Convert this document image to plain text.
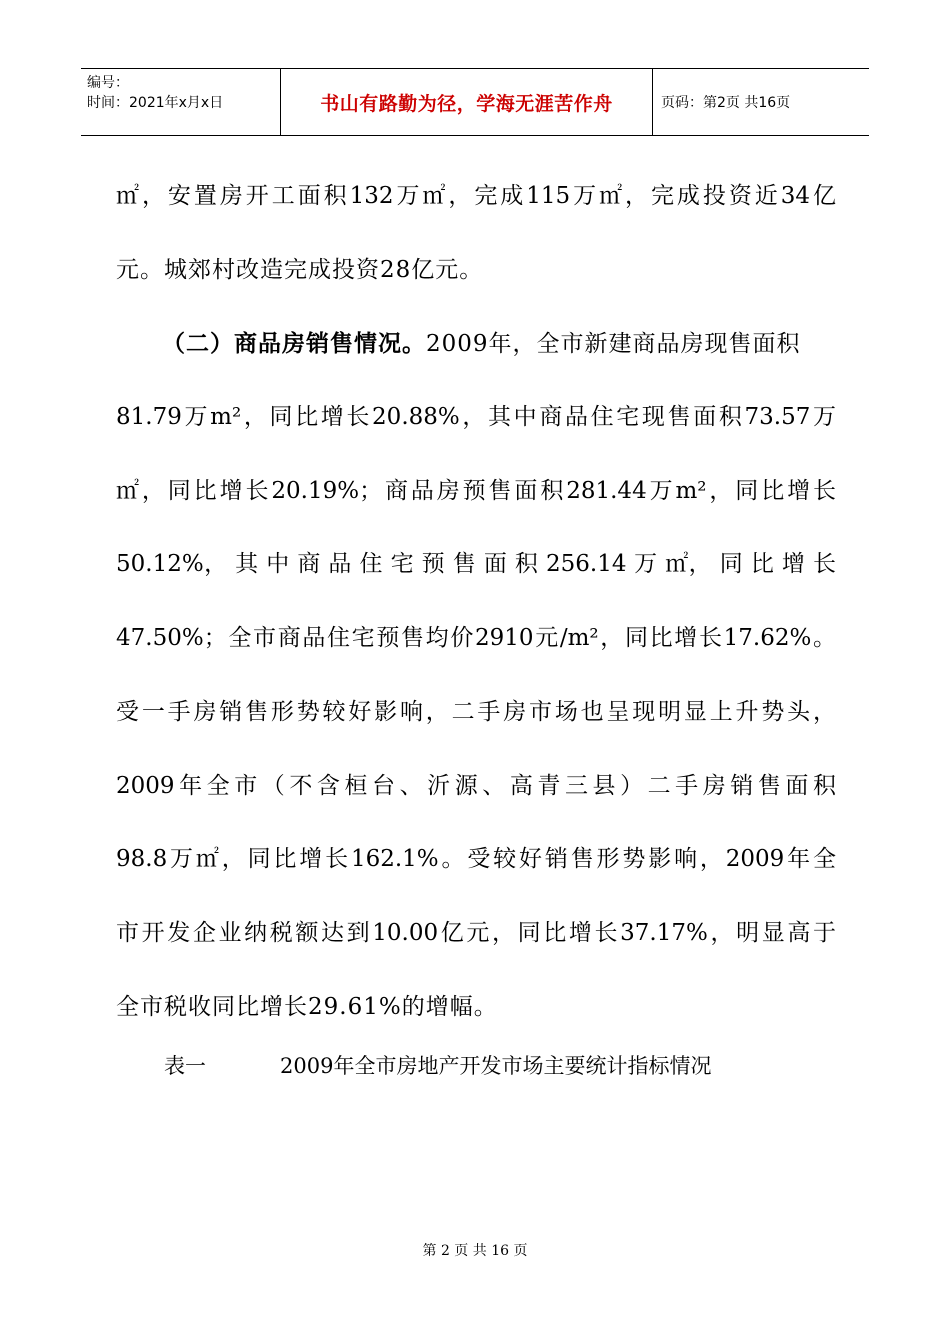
编号：
时间：2021年x月x日	书山有路勤为径，学海无涯苦作舟	页码：第2页 共16页
㎡，安置房开工面积132万㎡，完成115万㎡，完成投资近34亿
元。城郊村改造完成投资28亿元。
（二）商品房销售情况。2009年，全市新建商品房现售面积
81.79万m²，同比增长20.88%，其中商品住宅现售面积73.57万
㎡，同比增长20.19%；商品房预售面积281.44万m²，同比增长
50.12%， 其 中 商 品 住 宅 预 售 面 积 256.14 万 ㎡， 同 比 增 长
47.50%；全市商品住宅预售均价2910元/m²，同比增长17.62%。
受一手房销售形势较好影响，二手房市场也呈现明显上升势头，
2009年全市（不含桓台、沂源、高青三县）二手房销售面积
98.8万㎡，同比增长162.1%。受较好销售形势影响，2009年全
市开发企业纳税额达到10.00亿元，同比增长37.17%，明显高于
全市税收同比增长29.61%的增幅。
表一	2009年全市房地产开发市场主要统计指标情况
第 2 页 共 16 页
